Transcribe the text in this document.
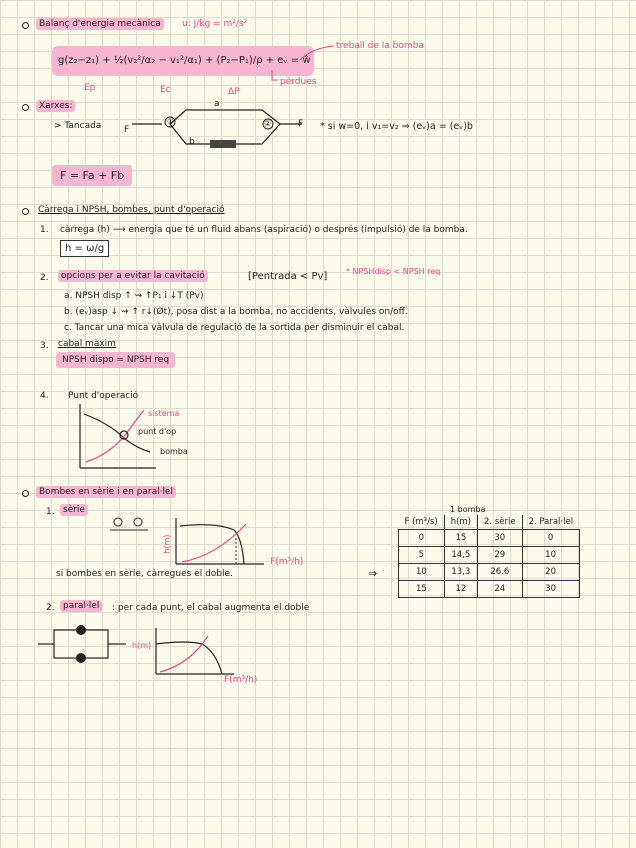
Balanç d'energia mecànica	u: J/kg = m²/s²
g(z₂−z₁) + ½(v₂²/α₂ − v₁²/α₁) + (P₂−P₁)/ρ + eᵥ = ŵ
Ep	Ec	ΔP
treball de la bomba
pèrdues
Xarxes:
> Tancada	①	②
a
b
F
F * si w=0, i v₁=v₂ ⇒ (eᵥ)a = (eᵥ)b
F = Fa + Fb
Càrrega i NPSH, bombes, punt d'operació
1. càrrega (h) ⟶ energia que té un fluid abans (aspiració) o després (impulsió) de la bomba.
h = ω/g
2.	opcions per a evitar la cavitació	[Pentrada < Pv] * NPSHdisp < NPSH req
a. NPSH disp ↑ ⇝ ↑P₁ i ↓T (Pv)
b. (eᵥ)asp ↓ ⇝ ↑ r↓(Øt), posa dist a la bomba, no accidents, vàlvules on/off.
c. Tancar una mica vàlvula de regulació de la sortida per disminuir el cabal.
3. cabal màxim
NPSH dispo = NPSH req
4. Punt d'operació
sistema
punt d'op
bomba
Bombes en sèrie i en paral·lel
1. sèrie
h(m)
F(m³/h)
si bombes en sèrie, càrregues el doble.	⇒
1 bomba
F (m³/s)	h(m)	2. sèrie	2. Paral·lel
0	15	30	0
5	14,5	29	10
10	13,3	26.6	20
15	12	24	30
2. paral·lel	: per cada punt, el cabal augmenta el doble
h(m)
F(m³/h)
